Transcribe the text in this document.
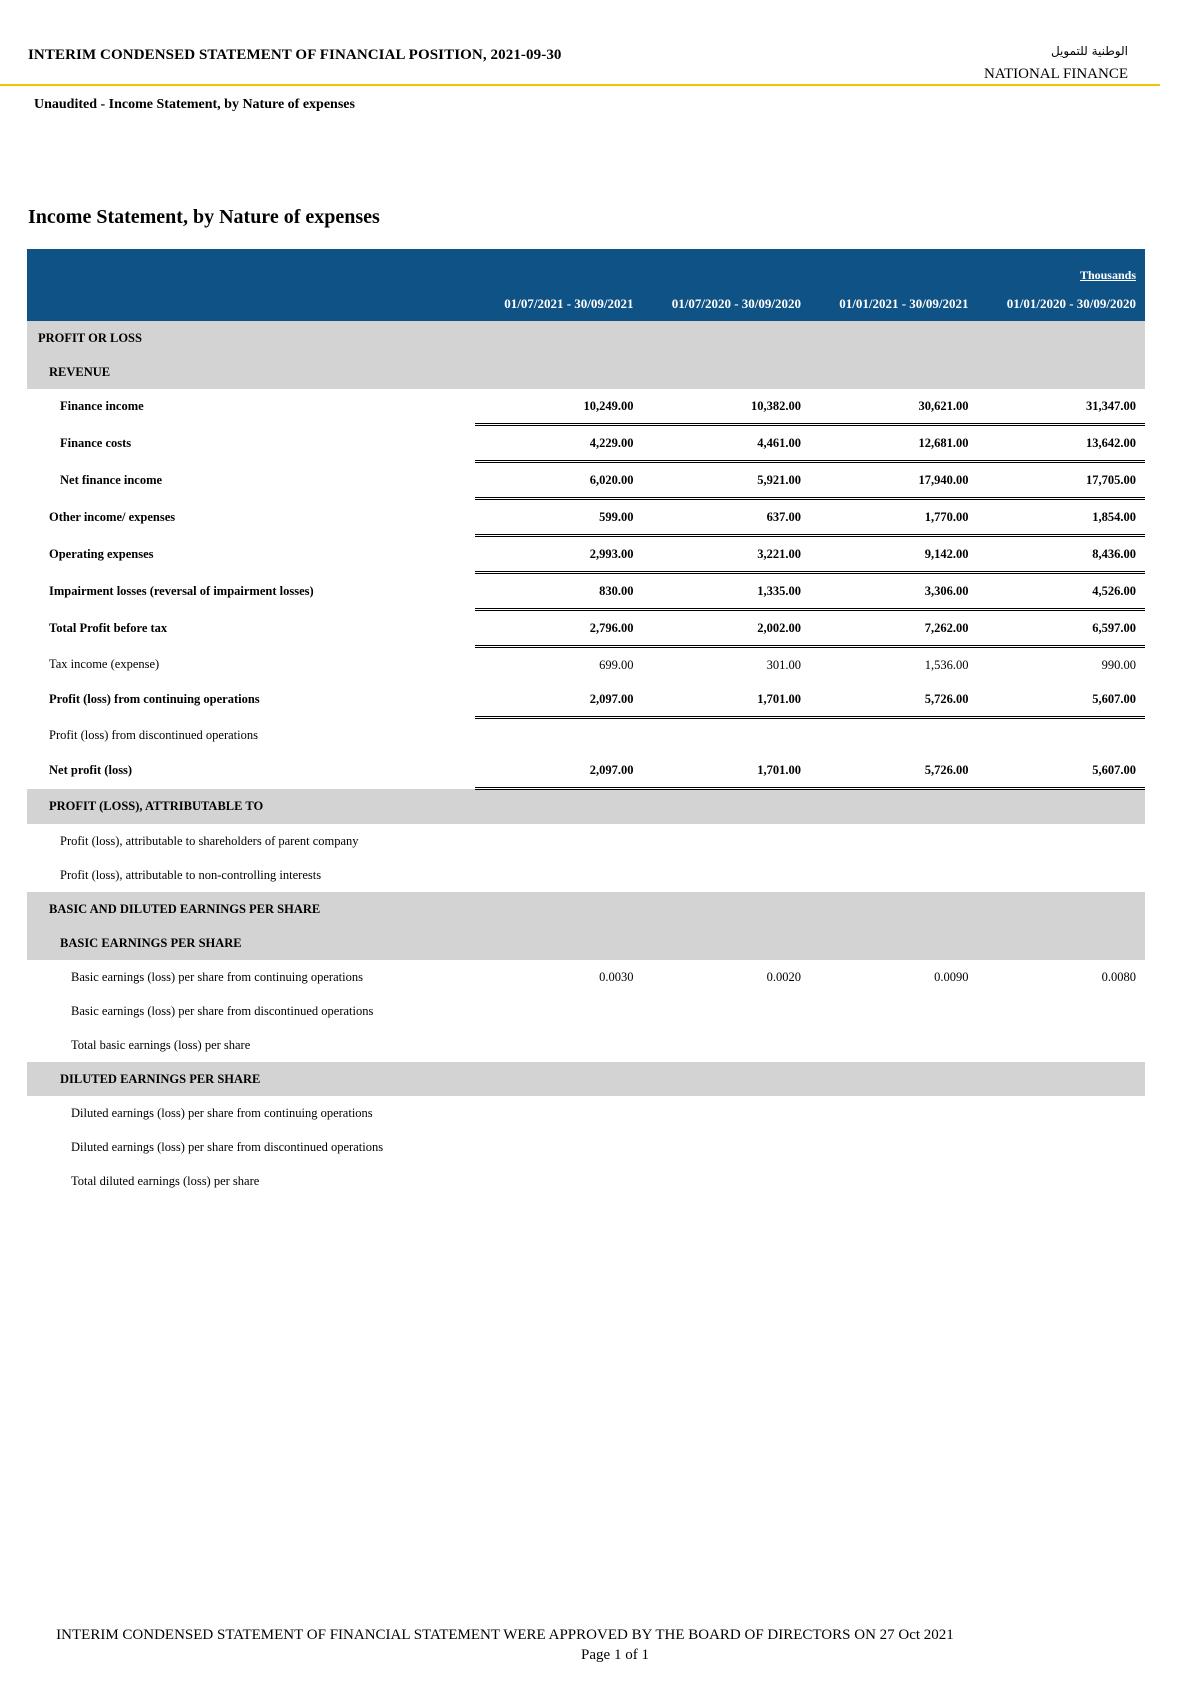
INTERIM CONDENSED STATEMENT OF FINANCIAL POSITION, 2021-09-30	الوطنية للتمويل
NATIONAL FINANCE
Unaudited - Income Statement, by Nature of expenses
Income Statement, by Nature of expenses
				Thousands
	01/07/2021 - 30/09/2021	01/07/2020 - 30/09/2020	01/01/2021 - 30/09/2021	01/01/2020 - 30/09/2020
PROFIT OR LOSS				
REVENUE				
Finance income	10,249.00	10,382.00	30,621.00	31,347.00
Finance costs	4,229.00	4,461.00	12,681.00	13,642.00
Net finance income	6,020.00	5,921.00	17,940.00	17,705.00
Other income/ expenses	599.00	637.00	1,770.00	1,854.00
Operating expenses	2,993.00	3,221.00	9,142.00	8,436.00
Impairment losses (reversal of impairment losses)	830.00	1,335.00	3,306.00	4,526.00
Total Profit before tax	2,796.00	2,002.00	7,262.00	6,597.00
Tax income (expense)	699.00	301.00	1,536.00	990.00
Profit (loss) from continuing operations	2,097.00	1,701.00	5,726.00	5,607.00
Profit (loss) from discontinued operations				
Net profit (loss)	2,097.00	1,701.00	5,726.00	5,607.00
PROFIT (LOSS), ATTRIBUTABLE TO				
Profit (loss), attributable to shareholders of parent company				
Profit (loss), attributable to non-controlling interests				
BASIC AND DILUTED EARNINGS PER SHARE				
BASIC EARNINGS PER SHARE				
Basic earnings (loss) per share from continuing operations	0.0030	0.0020	0.0090	0.0080
Basic earnings (loss) per share from discontinued operations				
Total basic earnings (loss) per share				
DILUTED EARNINGS PER SHARE				
Diluted earnings (loss) per share from continuing operations				
Diluted earnings (loss) per share from discontinued operations				
Total diluted earnings (loss) per share				
INTERIM CONDENSED STATEMENT OF FINANCIAL STATEMENT WERE APPROVED BY THE BOARD OF DIRECTORS ON 27 Oct 2021
Page 1 of 1
